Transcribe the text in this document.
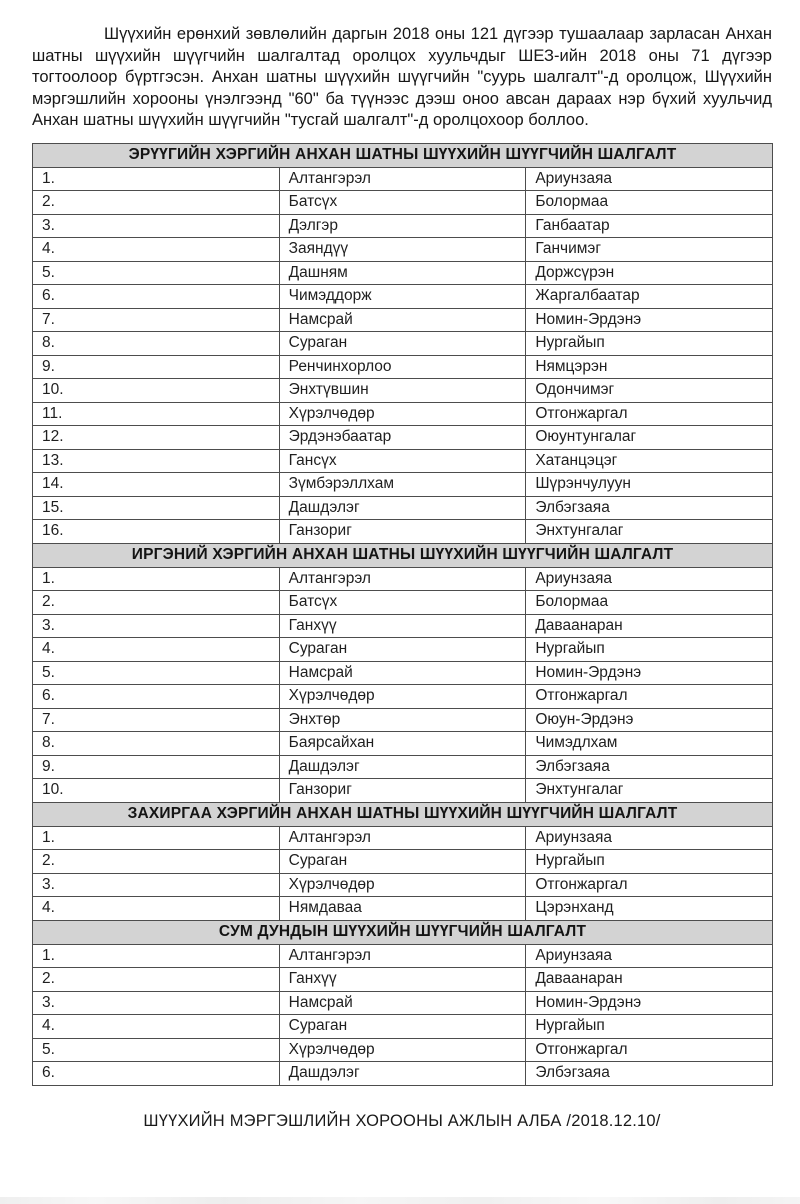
Шүүхийн ерөнхий зөвлөлийн даргын 2018 оны 121 дүгээр тушаалаар зарласан Анхан шатны шүүхийн шүүгчийн шалгалтад оролцох хуульчдыг ШЕЗ-ийн 2018 оны 71 дүгээр тогтоолоор бүртгэсэн. Анхан шатны шүүхийн шүүгчийн "суурь шалгалт"-д оролцож, Шүүхийн мэргэшлийн хорооны үнэлгээнд "60" ба түүнээс дээш оноо авсан дараах нэр бүхий хуульчид Анхан шатны шүүхийн шүүгчийн "тусгай шалгалт"-д оролцохоор боллоо.

ЭРҮҮГИЙН ХЭРГИЙН АНХАН ШАТНЫ ШҮҮХИЙН ШҮҮГЧИЙН ШАЛГАЛТ		
1.	Алтангэрэл	Ариунзаяа
2.	Батсүх	Болормаа
3.	Дэлгэр	Ганбаатар
4.	Заяндүү	Ганчимэг
5.	Дашням	Доржсүрэн
6.	Чимэддорж	Жаргалбаатар
7.	Намсрай	Номин-Эрдэнэ
8.	Сураган	Нургайып
9.	Ренчинхорлоо	Нямцэрэн
10.	Энхтүвшин	Одончимэг
11.	Хүрэлчөдөр	Отгонжаргал
12.	Эрдэнэбаатар	Оюунтунгалаг
13.	Гансүх	Хатанцэцэг
14.	Зүмбэрэллхам	Шүрэнчулуун
15.	Дашдэлэг	Элбэгзаяа
16.	Ганзориг	Энхтунгалаг
ИРГЭНИЙ ХЭРГИЙН АНХАН ШАТНЫ ШҮҮХИЙН ШҮҮГЧИЙН ШАЛГАЛТ		
1.	Алтангэрэл	Ариунзаяа
2.	Батсүх	Болормаа
3.	Ганхүү	Даваанаран
4.	Сураган	Нургайып
5.	Намсрай	Номин-Эрдэнэ
6.	Хүрэлчөдөр	Отгонжаргал
7.	Энхтөр	Оюун-Эрдэнэ
8.	Баярсайхан	Чимэдлхам
9.	Дашдэлэг	Элбэгзаяа
10.	Ганзориг	Энхтунгалаг
ЗАХИРГАА ХЭРГИЙН АНХАН ШАТНЫ ШҮҮХИЙН ШҮҮГЧИЙН ШАЛГАЛТ		
1.	Алтангэрэл	Ариунзаяа
2.	Сураган	Нургайып
3.	Хүрэлчөдөр	Отгонжаргал
4.	Нямдаваа	Цэрэнханд
СУМ ДУНДЫН ШҮҮХИЙН ШҮҮГЧИЙН ШАЛГАЛТ		
1.	Алтангэрэл	Ариунзаяа
2.	Ганхүү	Даваанаран
3.	Намсрай	Номин-Эрдэнэ
4.	Сураган	Нургайып
5.	Хүрэлчөдөр	Отгонжаргал
6.	Дашдэлэг	Элбэгзаяа
ШҮҮХИЙН МЭРГЭШЛИЙН ХОРООНЫ АЖЛЫН АЛБА /2018.12.10/
